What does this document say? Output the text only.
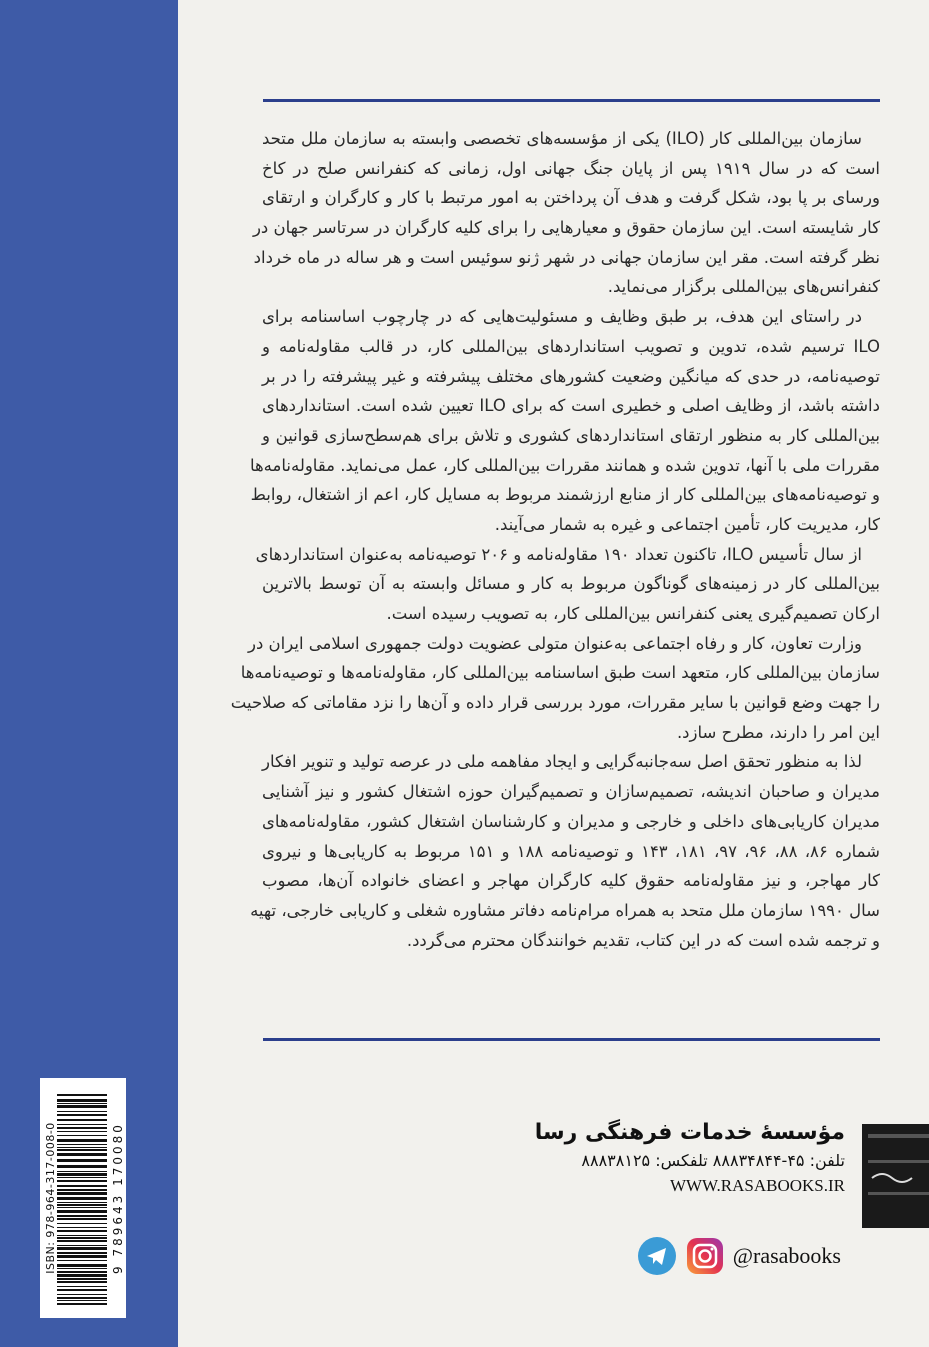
سازمان بین‌المللی کار (ILO) یکی از مؤسسه‌های تخصصی وابسته به سازمان ملل متحد
است که در سال ۱۹۱۹ پس از پایان جنگ جهانی اول، زمانی که کنفرانس صلح در کاخ
ورسای بر پا بود، شکل گرفت و هدف آن پرداختن به امور مرتبط با کار و کارگران و ارتقای
کار شایسته است. این سازمان حقوق و معیارهایی را برای کلیه کارگران در سرتاسر جهان در
نظر گرفته است. مقر این سازمان جهانی در شهر ژنو سوئیس است و هر ساله در ماه خرداد
کنفرانس‌های بین‌المللی برگزار می‌نماید.
در راستای این هدف، بر طبق وظایف و مسئولیت‌هایی که در چارچوب اساسنامه برای
ILO ترسیم شده، تدوین و تصویب استانداردهای بین‌المللی کار، در قالب مقاوله‌نامه و
توصیه‌نامه، در حدی که میانگین وضعیت کشورهای مختلف پیشرفته و غیر پیشرفته را در بر
داشته باشد، از وظایف اصلی و خطیری است که برای ILO تعیین شده است. استانداردهای
بین‌المللی کار به منظور ارتقای استانداردهای کشوری و تلاش برای هم‌سطح‌سازی قوانین و
مقررات ملی با آنها، تدوین شده و همانند مقررات بین‌المللی کار، عمل می‌نماید. مقاوله‌نامه‌ها
و توصیه‌نامه‌های بین‌المللی کار از منابع ارزشمند مربوط به مسایل کار، اعم از اشتغال، روابط
کار، مدیریت کار، تأمین اجتماعی و غیره به شمار می‌آیند.
از سال تأسیس ILO، تاکنون تعداد ۱۹۰ مقاوله‌نامه و ۲۰۶ توصیه‌نامه به‌عنوان استانداردهای
بین‌المللی کار در زمینه‌های گوناگون مربوط به کار و مسائل وابسته به آن توسط بالاترین
ارکان تصمیم‌گیری یعنی کنفرانس بین‌المللی کار، به تصویب رسیده است.
وزارت تعاون، کار و رفاه اجتماعی به‌عنوان متولی عضویت دولت جمهوری اسلامی ایران در
سازمان بین‌المللی کار، متعهد است طبق اساسنامه بین‌المللی کار، مقاوله‌نامه‌ها و توصیه‌نامه‌ها
را جهت وضع قوانین با سایر مقررات، مورد بررسی قرار داده و آن‌ها را نزد مقاماتی که صلاحیت
این امر را دارند، مطرح سازد.
لذا به منظور تحقق اصل سه‌جانبه‌گرایی و ایجاد مفاهمه ملی در عرصه تولید و تنویر افکار
مدیران و صاحبان اندیشه، تصمیم‌سازان و تصمیم‌گیران حوزه اشتغال کشور و نیز آشنایی
مدیران کاریابی‌های داخلی و خارجی و مدیران و کارشناسان اشتغال کشور، مقاوله‌نامه‌های
شماره ۸۶، ۸۸، ۹۶، ۹۷، ۱۸۱، ۱۴۳ و توصیه‌نامه ۱۸۸ و ۱۵۱ مربوط به کاریابی‌ها و نیروی
کار مهاجر، و نیز مقاوله‌نامه حقوق کلیه کارگران مهاجر و اعضای خانواده آن‌ها، مصوب
سال ۱۹۹۰ سازمان ملل متحد به همراه مرام‌نامه دفاتر مشاوره شغلی و کاریابی خارجی، تهیه
و ترجمه شده است که در این کتاب، تقدیم خوانندگان محترم می‌گردد.
ISBN: 978-964-317-008-0	9 789643 170080	مؤسسهٔ خدمات فرهنگی رسا
تلفن: ۴۵-۸۸۸۳۴۸۴۴ تلفکس: ۸۸۸۳۸۱۲۵
WWW.RASABOOKS.IR
@rasabooks
